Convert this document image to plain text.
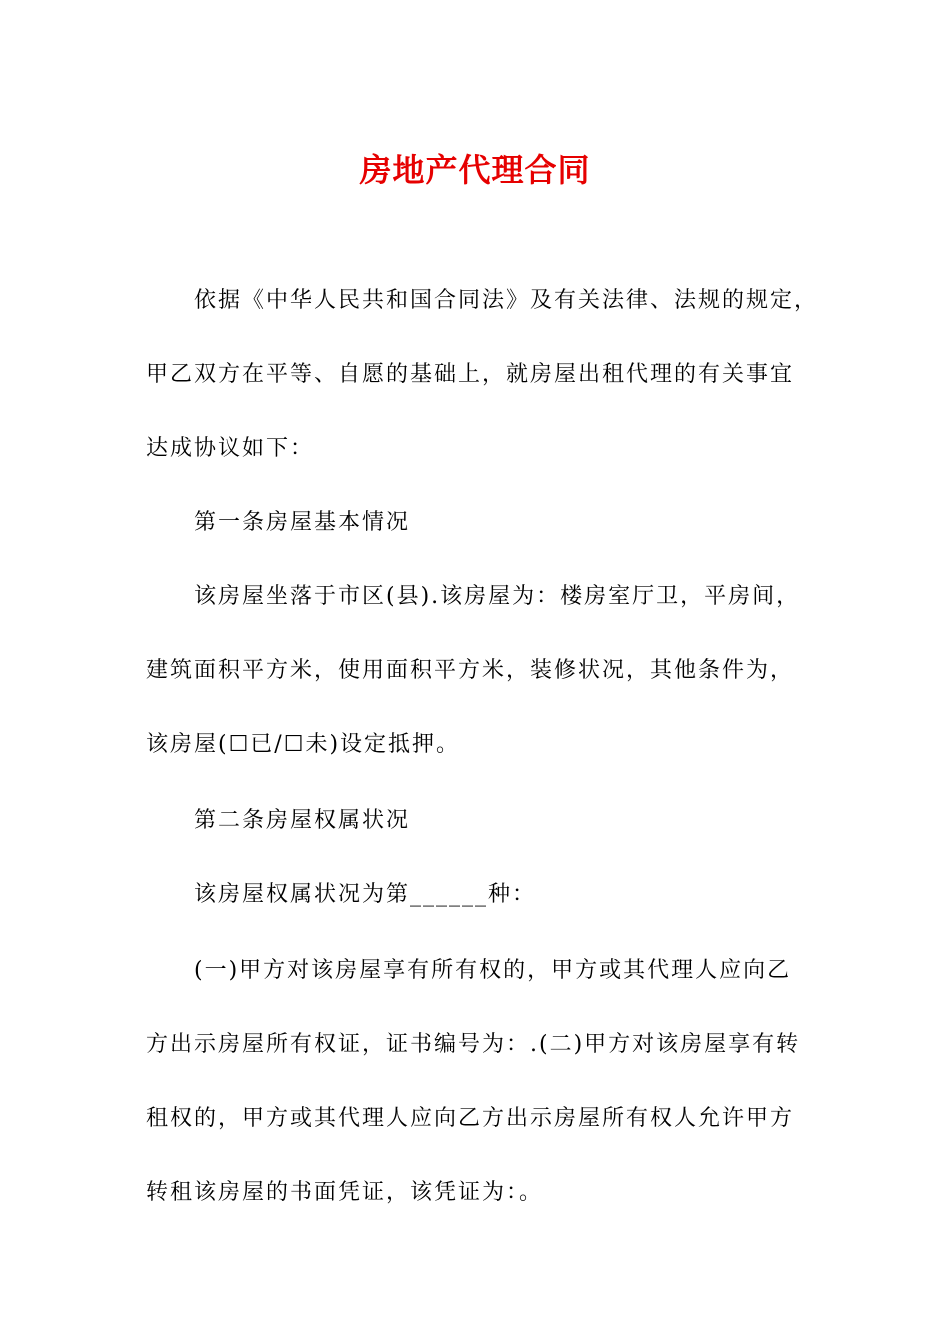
房地产代理合同
依据《中华人民共和国合同法》及有关法律、法规的规定，
甲乙双方在平等、自愿的基础上，就房屋出租代理的有关事宜
达成协议如下：
第一条房屋基本情况
该房屋坐落于市区(县).该房屋为：楼房室厅卫，平房间，
建筑面积平方米，使用面积平方米，装修状况，其他条件为，
该房屋(☐已/☐未)设定抵押。
第二条房屋权属状况
该房屋权属状况为第______种：
(一)甲方对该房屋享有所有权的，甲方或其代理人应向乙
方出示房屋所有权证，证书编号为：.(二)甲方对该房屋享有转
租权的，甲方或其代理人应向乙方出示房屋所有权人允许甲方
转租该房屋的书面凭证，该凭证为：。
